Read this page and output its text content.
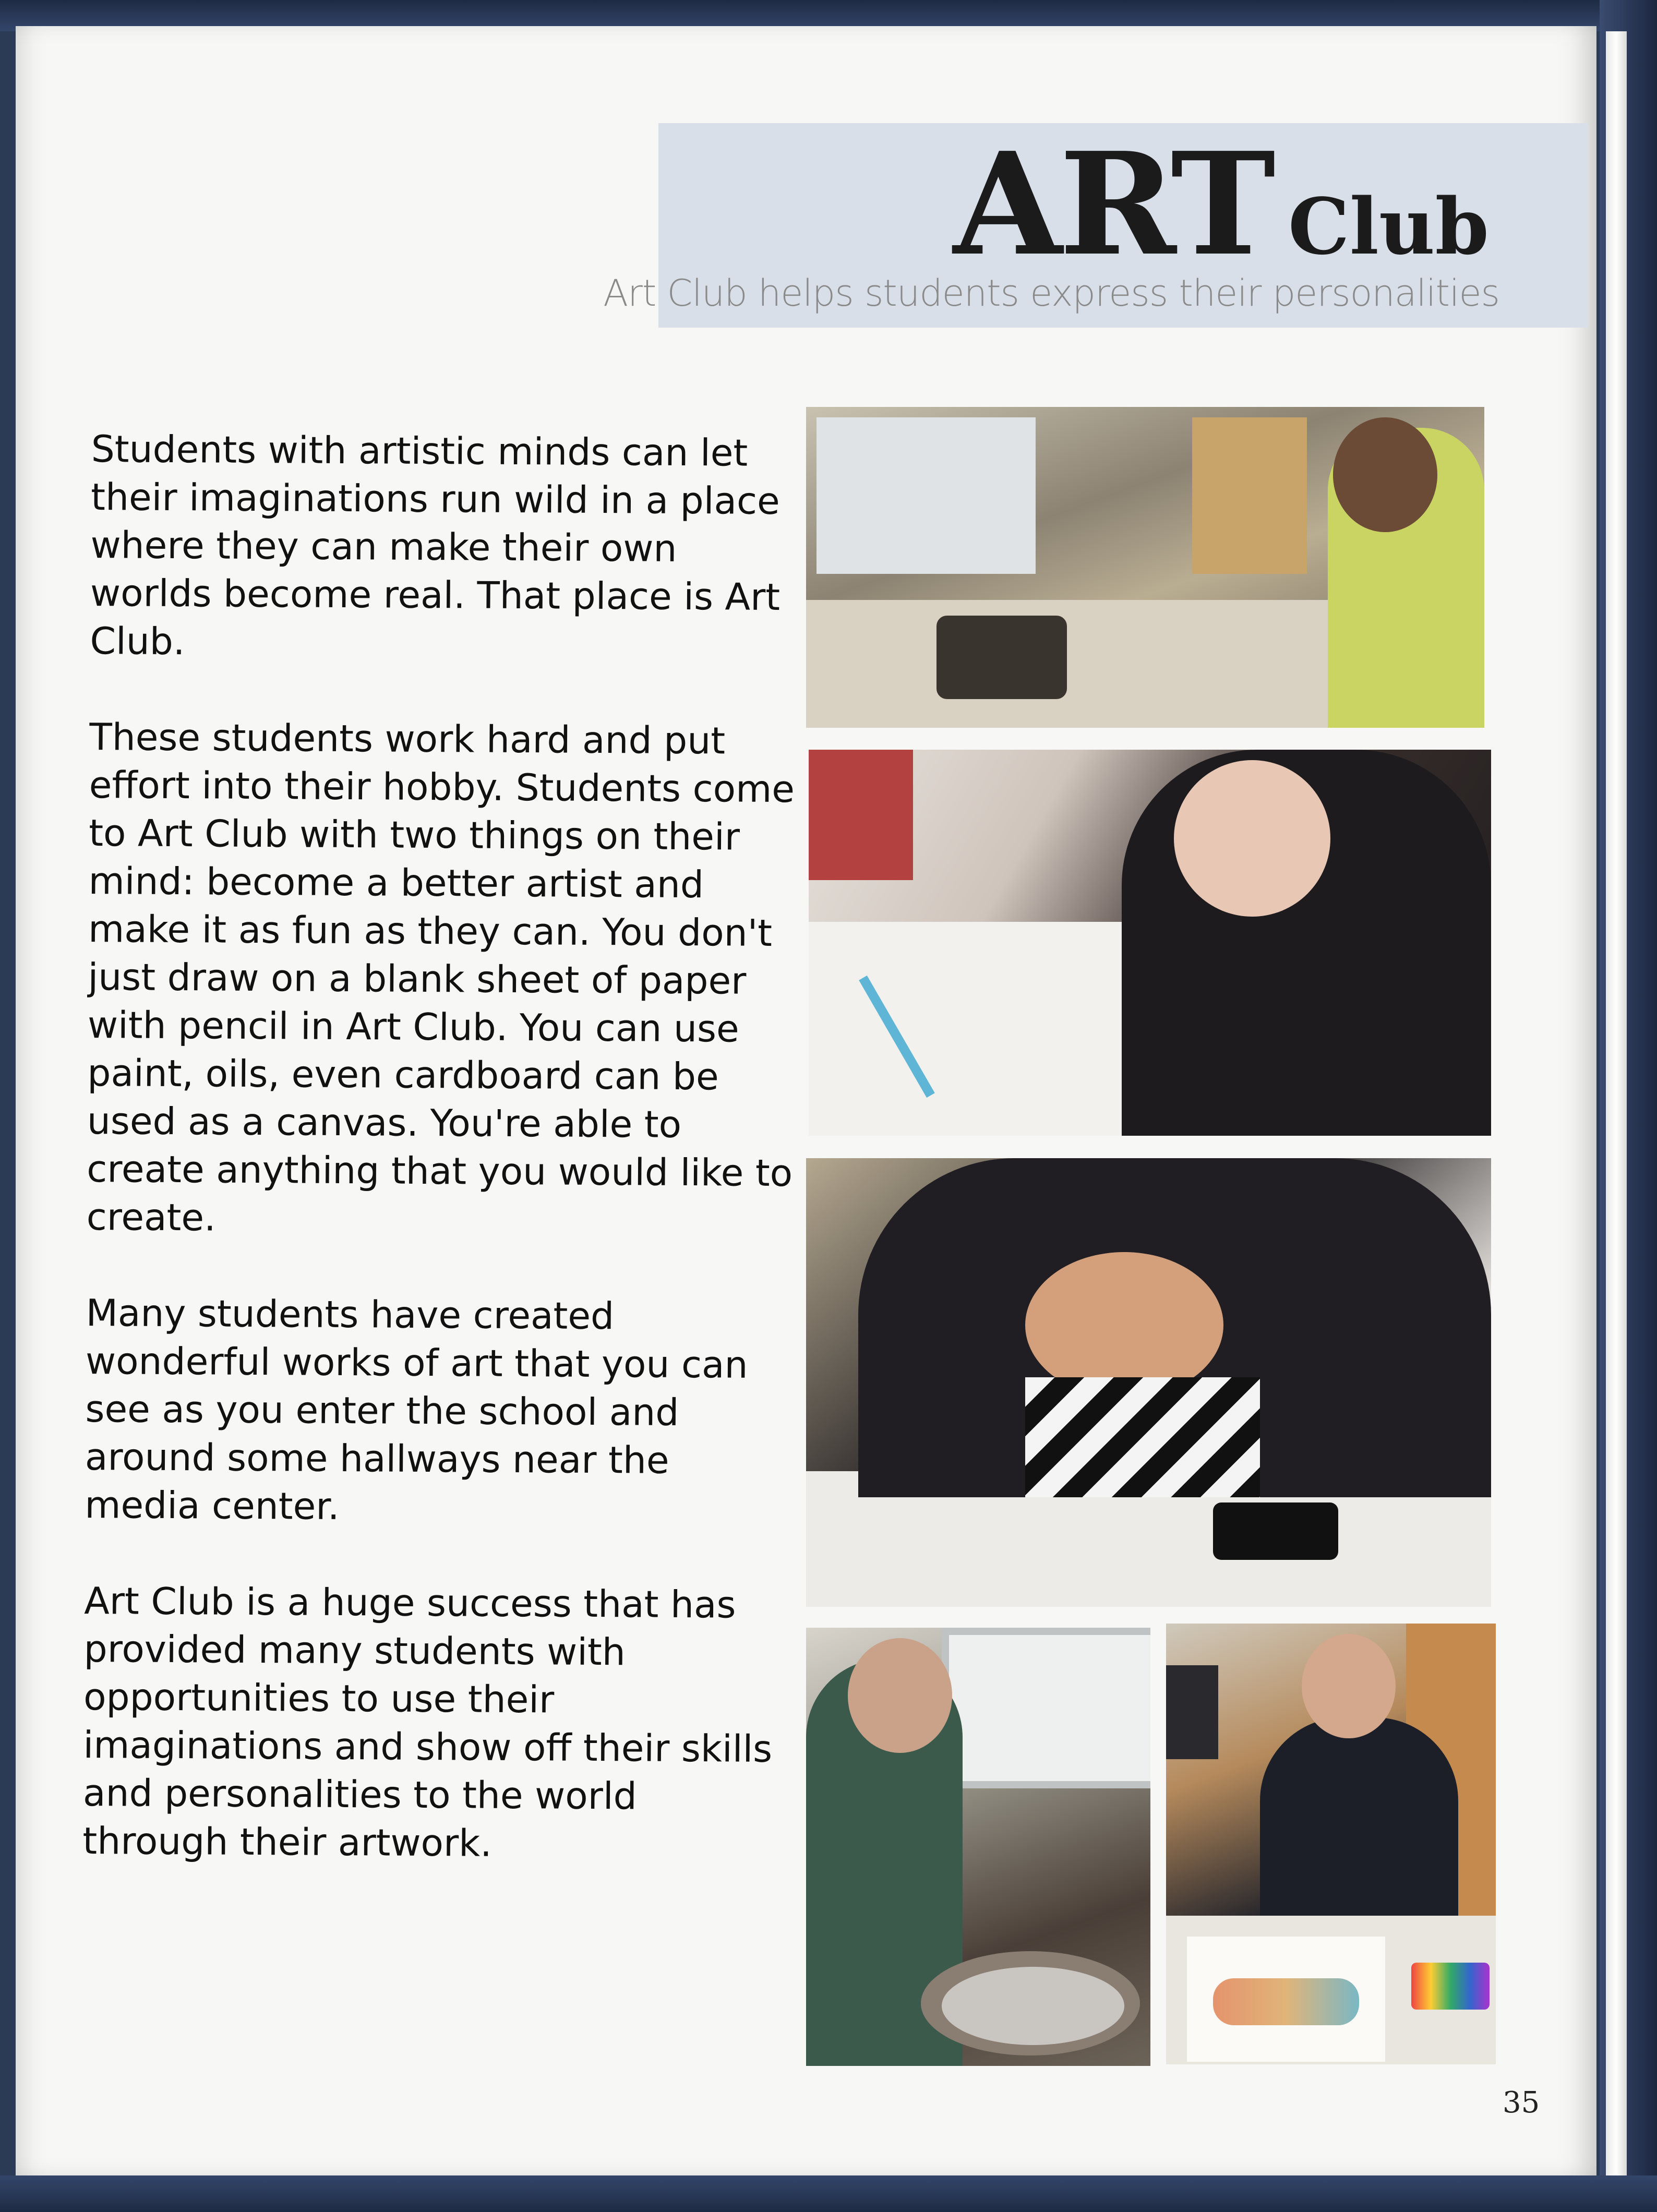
ART Club
Art Club helps students express their personalities

Students with artistic minds can let their imaginations run wild in a place where they can make their own worlds become real. That place is Art Club.

These students work hard and put effort into their hobby. Students come to Art Club with two things on their mind: become a better artist and make it as fun as they can. You don't just draw on a blank sheet of paper with pencil in Art Club. You can use paint, oils, even cardboard can be used as a canvas. You're able to create anything that you would like to create.

Many students have created wonderful works of art that you can see as you enter the school and around some hallways near the media center.

Art Club is a huge success that has provided many students with opportunities to use their imaginations and show off their skills and personalities to the world through their artwork.

35
